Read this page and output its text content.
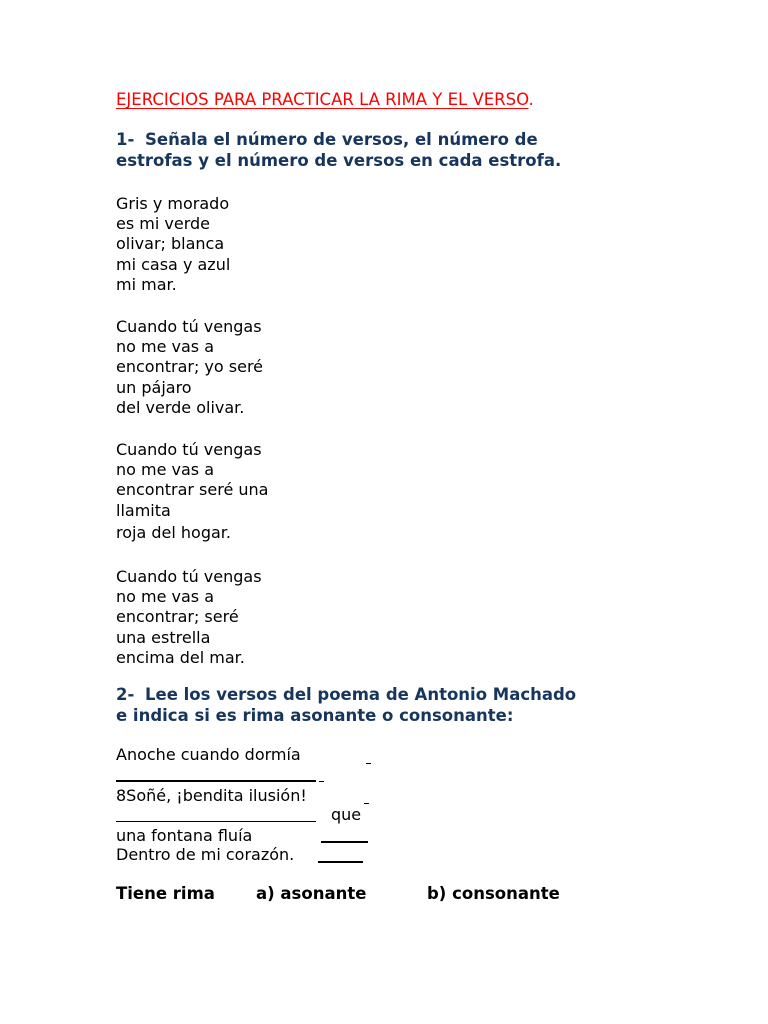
EJERCICIOS PARA PRACTICAR LA RIMA Y EL VERSO.
1- Señala el número de versos, el número de
estrofas y el número de versos en cada estrofa.
Gris y morado
es mi verde
olivar; blanca
mi casa y azul
mi mar.
Cuando tú vengas
no me vas a
encontrar; yo seré
un pájaro
del verde olivar.
Cuando tú vengas
no me vas a
encontrar seré una
llamita
roja del hogar.
Cuando tú vengas
no me vas a
encontrar; seré
una estrella
encima del mar.
2- Lee los versos del poema de Antonio Machado
e indica si es rima asonante o consonante:
Anoche cuando dormía
8Soñé, ¡bendita ilusión!
que
una fontana fluía
Dentro de mi corazón.
Tiene rima a) asonante	b) consonante
